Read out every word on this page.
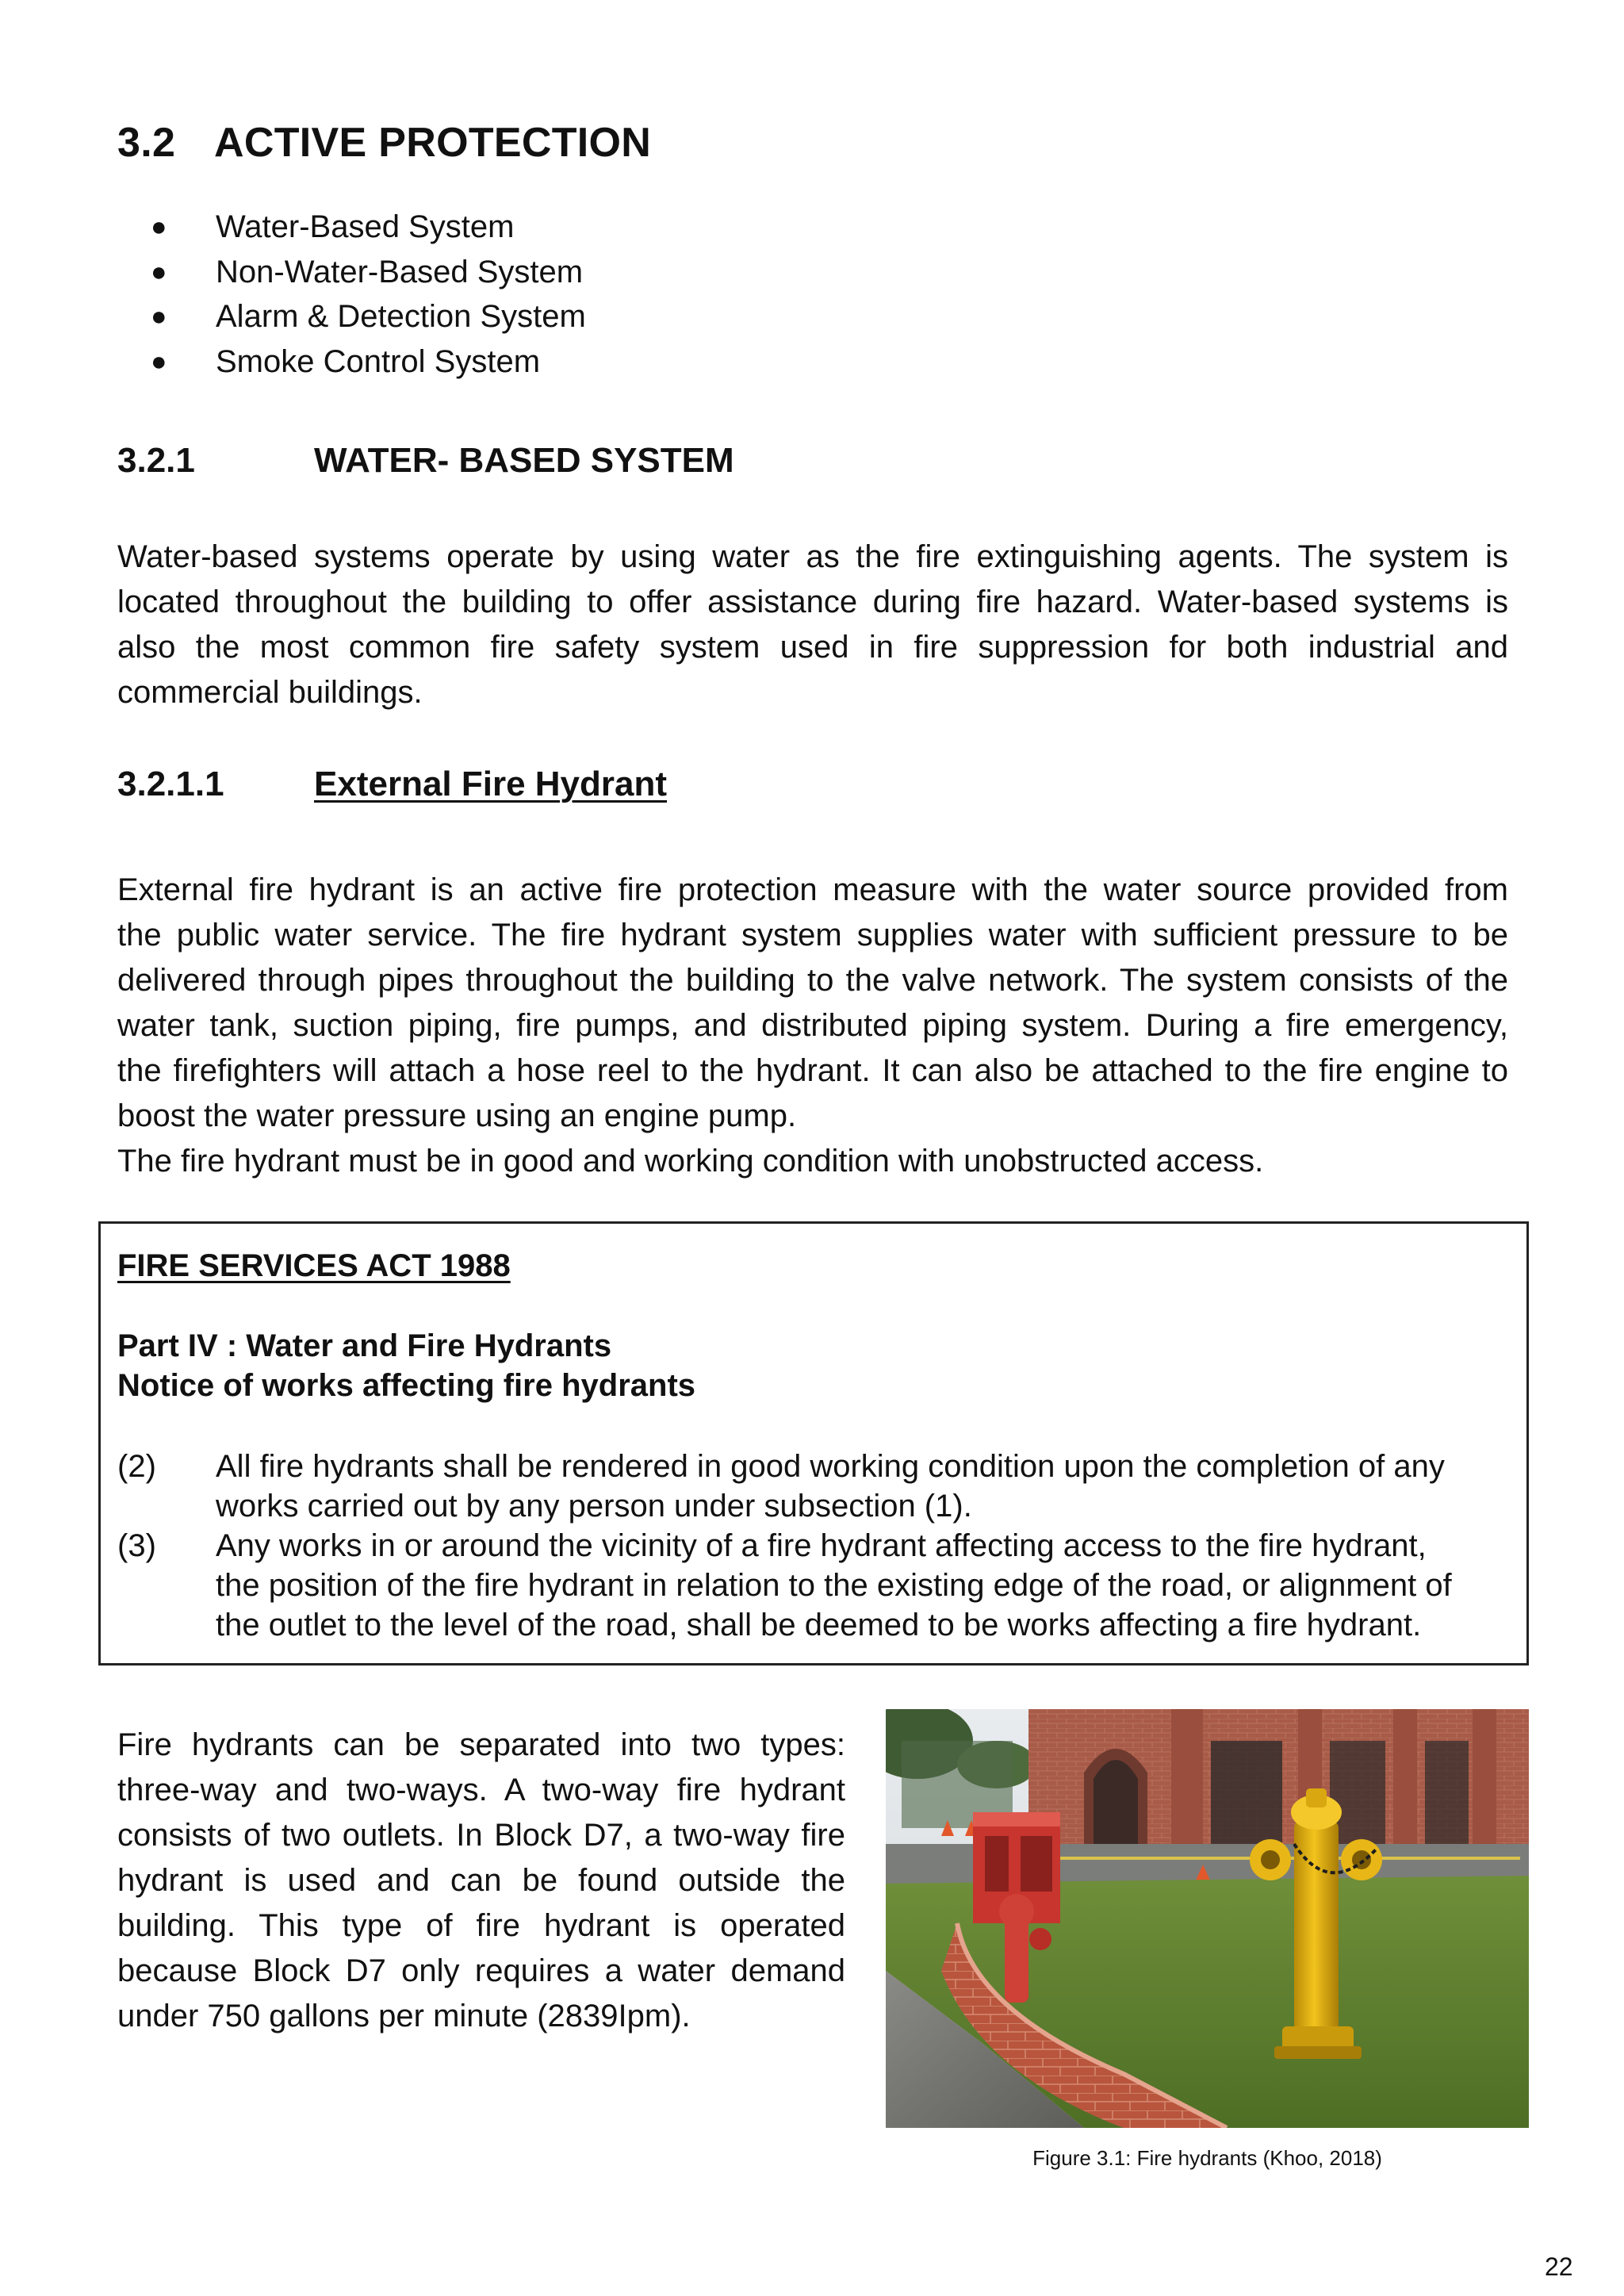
3.2 ACTIVE PROTECTION
● Water-Based System
● Non-Water-Based System
● Alarm & Detection System
● Smoke Control System
3.2.1	WATER- BASED SYSTEM
Water-based systems operate by using water as the fire extinguishing agents. The system is
located throughout the building to offer assistance during fire hazard. Water-based systems is
also the most common fire safety system used in fire suppression for both industrial and
commercial buildings.
3.2.1.1	External Fire Hydrant
External fire hydrant is an active fire protection measure with the water source provided from
the public water service. The fire hydrant system supplies water with sufficient pressure to be
delivered through pipes throughout the building to the valve network. The system consists of the
water tank, suction piping, fire pumps, and distributed piping system. During a fire emergency,
the firefighters will attach a hose reel to the hydrant. It can also be attached to the fire engine to
boost the water pressure using an engine pump.
The fire hydrant must be in good and working condition with unobstructed access.
FIRE SERVICES ACT 1988
Part IV : Water and Fire Hydrants
Notice of works affecting fire hydrants
(2) All fire hydrants shall be rendered in good working condition upon the completion of any
works carried out by any person under subsection (1).
(3) Any works in or around the vicinity of a fire hydrant affecting access to the fire hydrant,
the position of the fire hydrant in relation to the existing edge of the road, or alignment of
the outlet to the level of the road, shall be deemed to be works affecting a fire hydrant.
Fire hydrants can be separated into two types:
three-way and two-ways. A two-way fire hydrant
consists of two outlets. In Block D7, a two-way fire
hydrant is used and can be found outside the
building. This type of fire hydrant is operated
because Block D7 only requires a water demand
under 750 gallons per minute (2839Ipm).
Figure 3.1: Fire hydrants (Khoo, 2018)
22
